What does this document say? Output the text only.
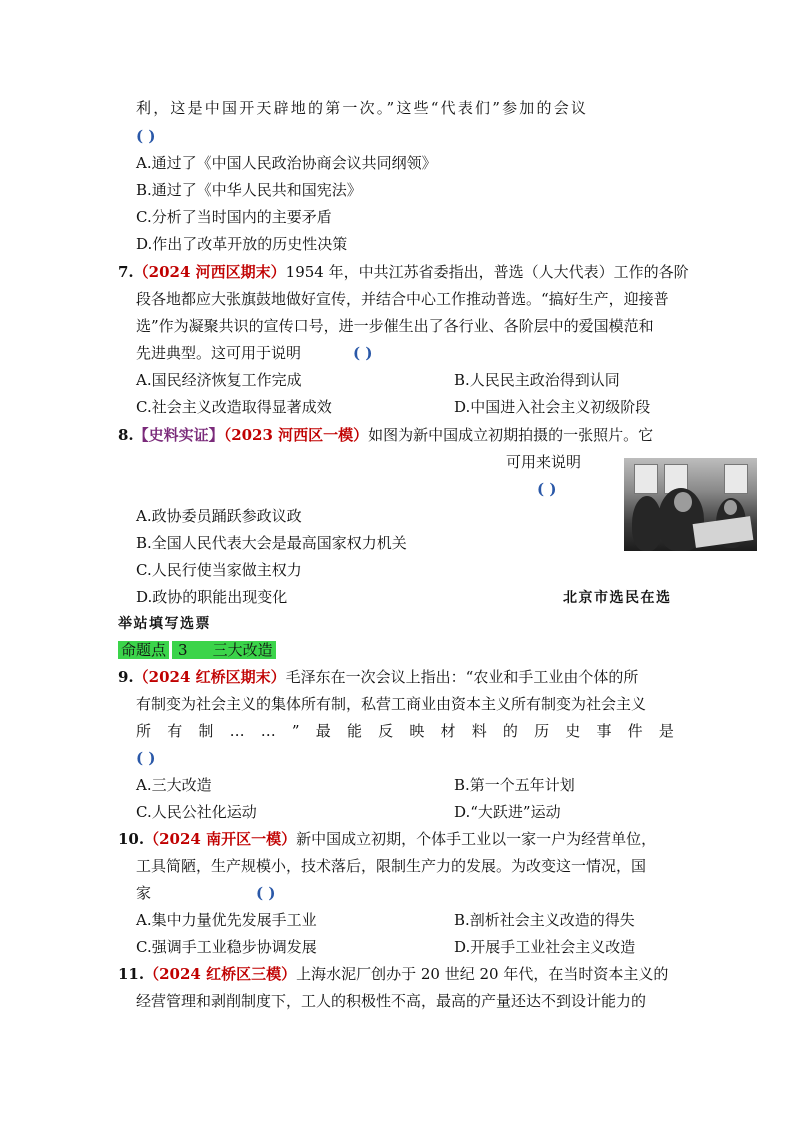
利，这是中国开天辟地的第一次。”这些“代表们”参加的会议
( )
A.通过了《中国人民政治协商会议共同纲领》
B.通过了《中华人民共和国宪法》
C.分析了当时国内的主要矛盾
D.作出了改革开放的历史性决策
7.（2024 河西区期末）1954 年，中共江苏省委指出，普选（人大代表）工作的各阶
段各地都应大张旗鼓地做好宣传，并结合中心工作推动普选。“搞好生产，迎接普
选”作为凝聚共识的宣传口号，进一步催生出了各行业、各阶层中的爱国模范和
先进典型。这可用于说明	( )
A.国民经济恢复工作完成	B.人民民主政治得到认同
C.社会主义改造取得显著成效	D.中国进入社会主义初级阶段
8.【史料实证】（2023 河西区一模）如图为新中国成立初期拍摄的一张照片。它
可用来说明
( )
A.政协委员踊跃参政议政
B.全国人民代表大会是最高国家权力机关
C.人民行使当家做主权力
D.政协的职能出现变化	北京市选民在选
举站填写选票
命题点 3 三大改造
9.（2024 红桥区期末）毛泽东在一次会议上指出：“农业和手工业由个体的所
有制变为社会主义的集体所有制，私营工商业由资本主义所有制变为社会主义
所 有 制 … … ” 最 能 反 映 材 料 的 历 史 事 件 是
( )
A.三大改造	B.第一个五年计划
C.人民公社化运动	D.“大跃进”运动
10.（2024 南开区一模）新中国成立初期，个体手工业以一家一户为经营单位，
工具简陋，生产规模小，技术落后，限制生产力的发展。为改变这一情况，国
家	( )
A.集中力量优先发展手工业	B.剖析社会主义改造的得失
C.强调手工业稳步协调发展	D.开展手工业社会主义改造
11.（2024 红桥区三模）上海水泥厂创办于 20 世纪 20 年代，在当时资本主义的
经营管理和剥削制度下，工人的积极性不高，最高的产量还达不到设计能力的
